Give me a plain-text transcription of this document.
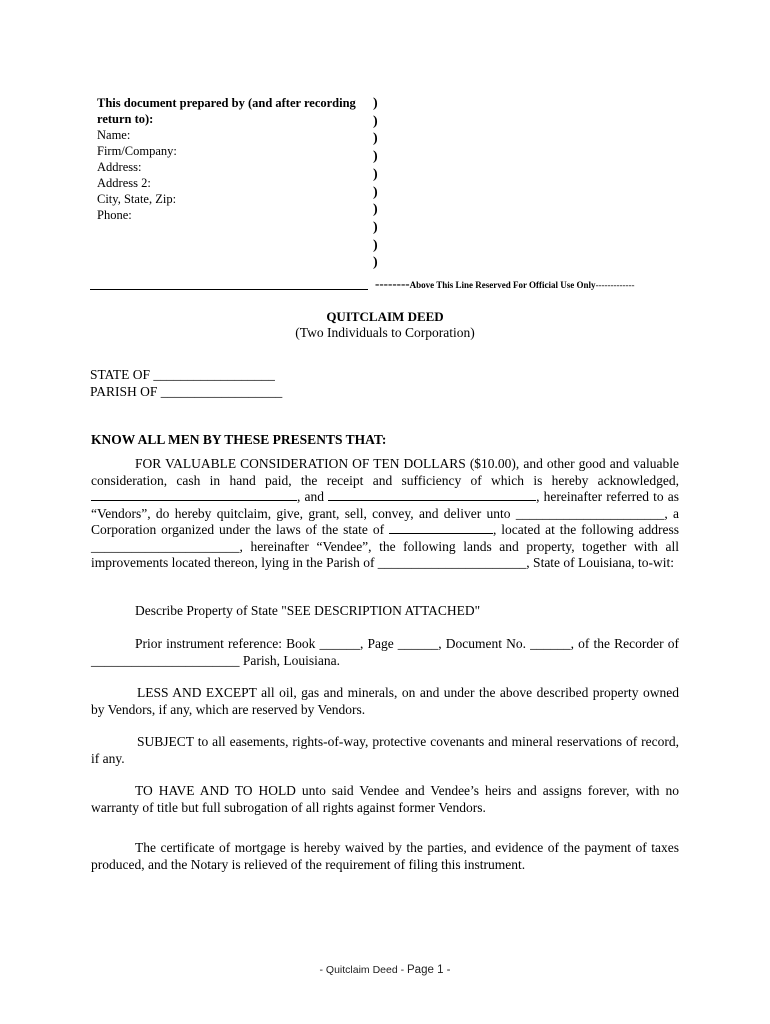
This document prepared by (and after recording return to):
Name:
Firm/Company:
Address:
Address 2:
City, State, Zip:
Phone:
)
)
)
)
)
)
)
)
)
)
--------Above This Line Reserved For Official Use Only-------------
QUITCLAIM DEED
(Two Individuals to Corporation)
STATE OF __________________
PARISH OF __________________
KNOW ALL MEN BY THESE PRESENTS THAT:
FOR VALUABLE CONSIDERATION OF TEN DOLLARS ($10.00), and other good and valuable consideration, cash in hand paid, the receipt and sufficiency of which is hereby acknowledged, , and	, hereinafter referred to as “Vendors”, do hereby quitclaim, give, grant, sell, convey, and deliver unto ______________________, a Corporation organized under the laws of the state of	, located at the following address ______________________, hereinafter “Vendee”, the following lands and property, together with all improvements located thereon, lying in the Parish of ______________________, State of Louisiana, to-wit:
Describe Property of State "SEE DESCRIPTION ATTACHED"
Prior instrument reference: Book ______, Page ______, Document No. ______, of the Recorder of ______________________ Parish, Louisiana.
LESS AND EXCEPT all oil, gas and minerals, on and under the above described property owned by Vendors, if any, which are reserved by Vendors.
SUBJECT to all easements, rights-of-way, protective covenants and mineral reservations of record, if any.
TO HAVE AND TO HOLD unto said Vendee and Vendee’s heirs and assigns forever, with no warranty of title but full subrogation of all rights against former Vendors.
The certificate of mortgage is hereby waived by the parties, and evidence of the payment of taxes produced, and the Notary is relieved of the requirement of filing this instrument.
- Quitclaim Deed - Page 1 -
